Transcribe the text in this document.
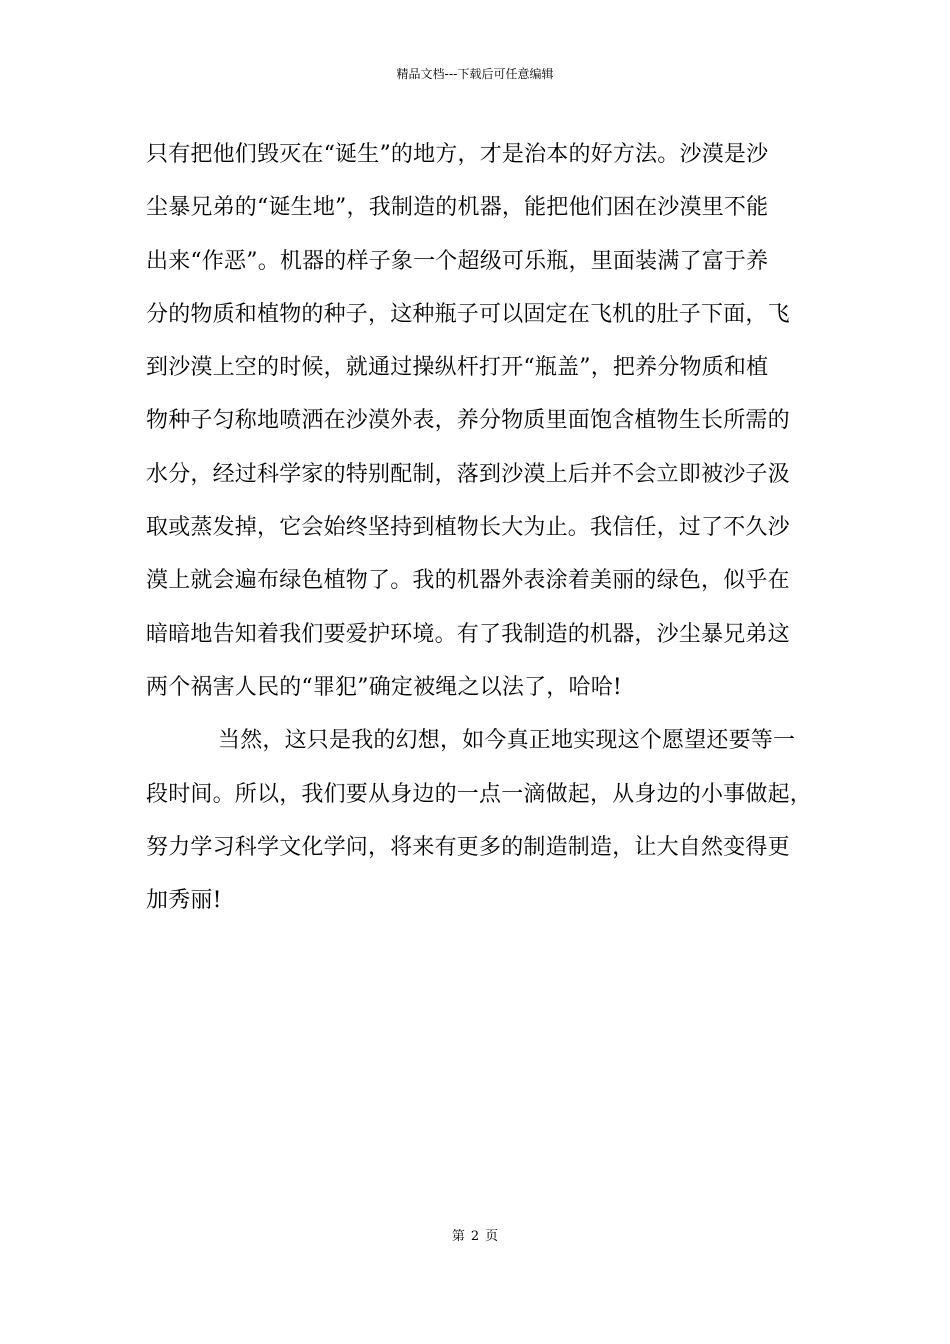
精品文档---下载后可任意编辑
只有把他们毁灭在“诞生”的地方，才是治本的好方法。沙漠是沙
尘暴兄弟的“诞生地”，我制造的机器，能把他们困在沙漠里不能
出来“作恶”。机器的样子象一个超级可乐瓶，里面装满了富于养
分的物质和植物的种子，这种瓶子可以固定在飞机的肚子下面，飞
到沙漠上空的时候，就通过操纵杆打开“瓶盖”，把养分物质和植
物种子匀称地喷洒在沙漠外表，养分物质里面饱含植物生长所需的
水分，经过科学家的特别配制，落到沙漠上后并不会立即被沙子汲
取或蒸发掉，它会始终坚持到植物长大为止。我信任，过了不久沙
漠上就会遍布绿色植物了。我的机器外表涂着美丽的绿色，似乎在
暗暗地告知着我们要爱护环境。有了我制造的机器，沙尘暴兄弟这
两个祸害人民的“罪犯”确定被绳之以法了，哈哈!
当然，这只是我的幻想，如今真正地实现这个愿望还要等一
段时间。所以，我们要从身边的一点一滴做起，从身边的小事做起，
努力学习科学文化学问，将来有更多的制造制造，让大自然变得更
加秀丽!
第 2 页
